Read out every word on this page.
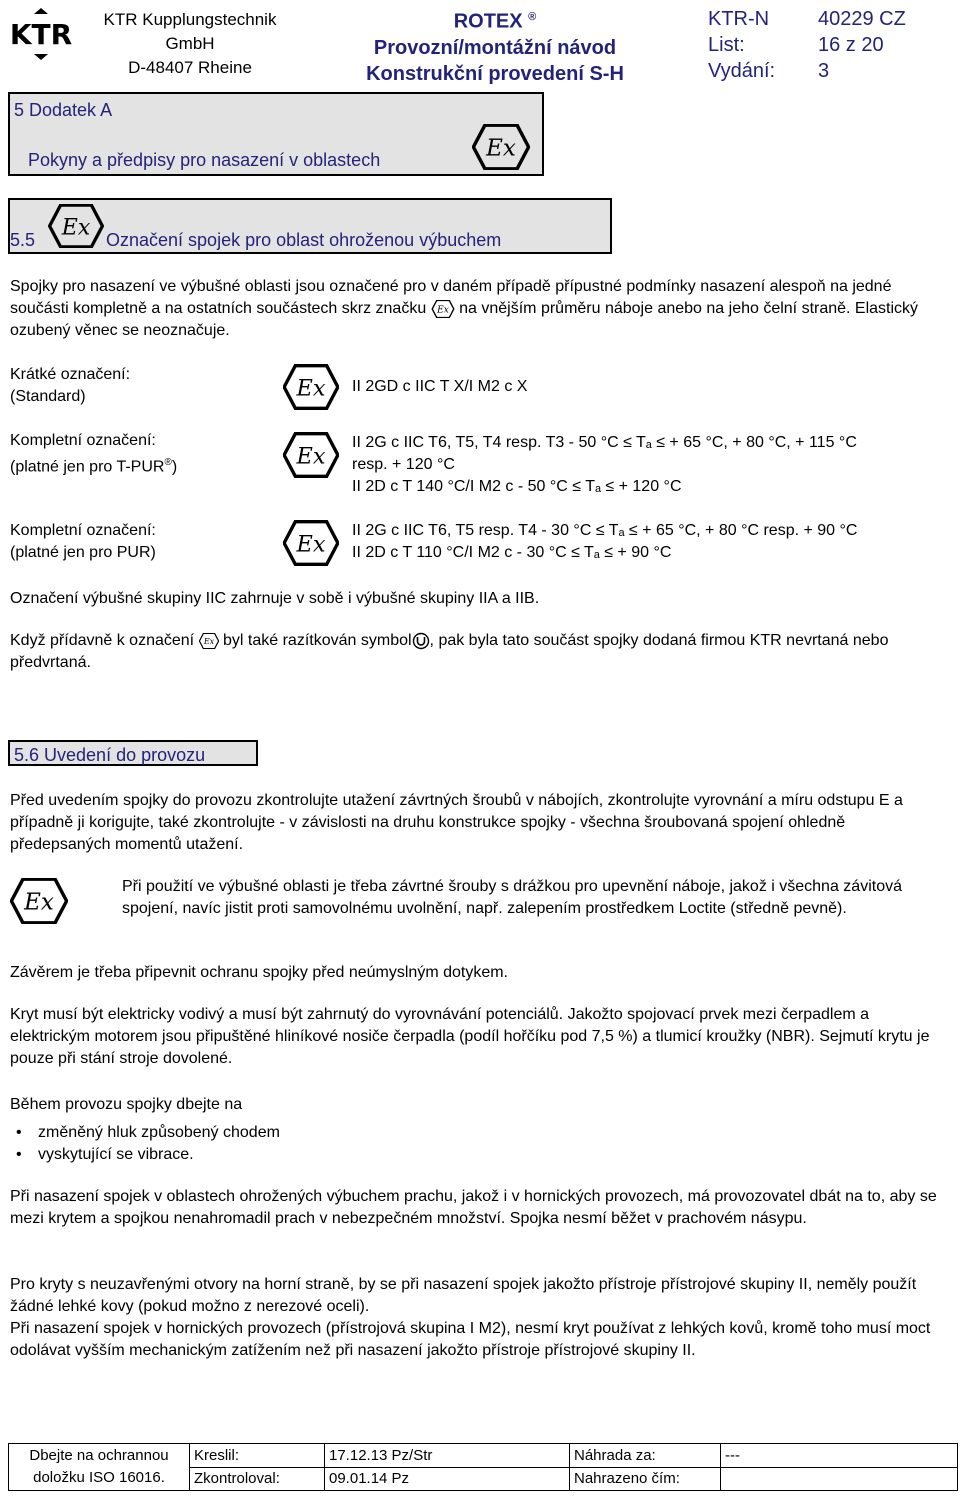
KTR	KTR Kupplungstechnik
GmbH
D-48407 Rheine
ROTEX ®
Provozní/montážní návod
Konstrukční provedení S-H
KTR-N 40229 CZ
List:	16 z 20
Vydání: 3
5 Dodatek A
Pokyny a předpisy pro nasazení v oblastech
5.5	Označení spojek pro oblast ohroženou výbuchem
Spojky pro nasazení ve výbušné oblasti jsou označené pro v daném případě přípustné podmínky nasazení alespoň na jedné součásti kompletně a na ostatních součástech skrz značku na vnějším průměru náboje anebo na jeho čelní straně. Elastický ozubený věnec se neoznačuje.
Krátké označení:
(Standard)
II 2GD c IIC T X/I M2 c X
Kompletní označení:
(platné jen pro T-PUR®)
II 2G c IIC T6, T5, T4 resp. T3 - 50 °C ≤ Tₐ ≤ + 65 °C, + 80 °C, + 115 °C
resp. + 120 °C
II 2D c T 140 °C/I M2 c - 50 °C ≤ Tₐ ≤ + 120 °C
Kompletní označení:
(platné jen pro PUR)
II 2G c IIC T6, T5 resp. T4 - 30 °C ≤ Tₐ ≤ + 65 °C, + 80 °C resp. + 90 °C
II 2D c T 110 °C/I M2 c - 30 °C ≤ Tₐ ≤ + 90 °C
Označení výbušné skupiny IIC zahrnuje v sobě i výbušné skupiny IIA a IIB.
Když přídavně k označení byl také razítkován symbol , pak byla tato součást spojky dodaná firmou KTR nevrtaná nebo předvrtaná.
5.6 Uvedení do provozu
Před uvedením spojky do provozu zkontrolujte utažení závrtných šroubů v nábojích, zkontrolujte vyrovnání a míru odstupu E a případně ji korigujte, také zkontrolujte - v závislosti na druhu konstrukce spojky - všechna šroubovaná spojení ohledně předepsaných momentů utažení.
Při použití ve výbušné oblasti je třeba závrtné šrouby s drážkou pro upevnění náboje, jakož i všechna závitová spojení, navíc jistit proti samovolnému uvolnění, např. zalepením prostředkem Loctite (středně pevně).
Závěrem je třeba připevnit ochranu spojky před neúmyslným dotykem.
Kryt musí být elektricky vodivý a musí být zahrnutý do vyrovnávání potenciálů. Jakožto spojovací prvek mezi čerpadlem a elektrickým motorem jsou připuštěné hliníkové nosiče čerpadla (podíl hořčíku pod 7,5 %) a tlumicí kroužky (NBR). Sejmutí krytu je pouze při stání stroje dovolené.
Během provozu spojky dbejte na
• změněný hluk způsobený chodem
• vyskytující se vibrace.
Při nasazení spojek v oblastech ohrožených výbuchem prachu, jakož i v hornických provozech, má provozovatel dbát na to, aby se mezi krytem a spojkou nenahromadil prach v nebezpečném množství. Spojka nesmí běžet v prachovém násypu.
Pro kryty s neuzavřenými otvory na horní straně, by se při nasazení spojek jakožto přístroje přístrojové skupiny II, neměly použít žádné lehké kovy (pokud možno z nerezové oceli).
Při nasazení spojek v hornických provozech (přístrojová skupina I M2), nesmí kryt používat z lehkých kovů, kromě toho musí moct odolávat vyšším mechanickým zatížením než při nasazení jakožto přístroje přístrojové skupiny II.
Dbejte na ochrannou
doložku ISO 16016.	Kreslil:	17.12.13 Pz/Str	Náhrada za:	---
	Zkontroloval:	09.01.14 Pz	Nahrazeno čím:	
